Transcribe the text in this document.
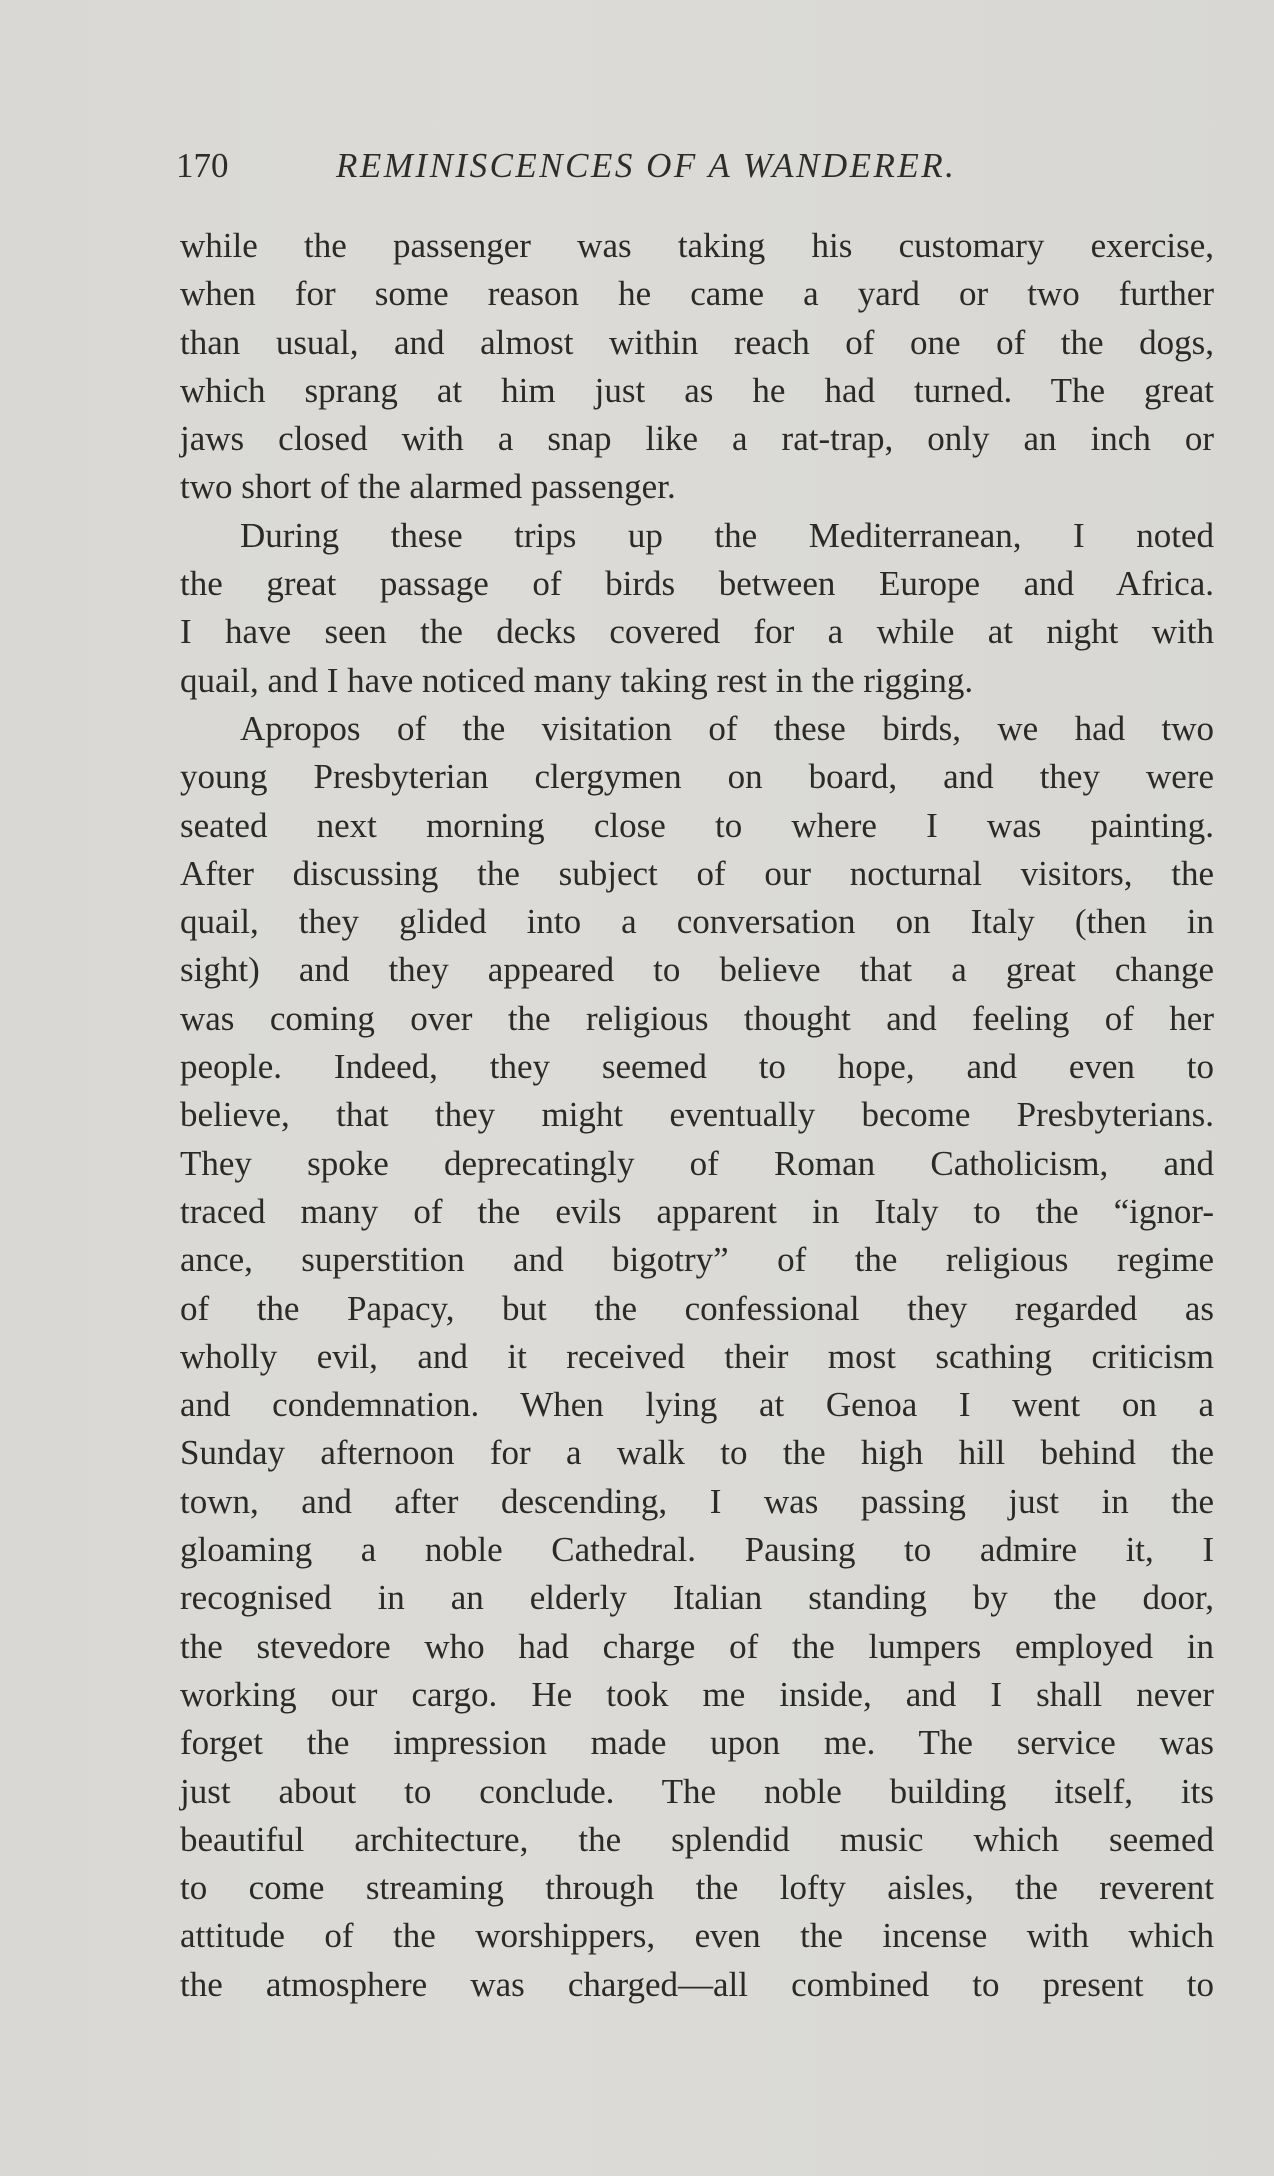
170	REMINISCENCES OF A WANDERER.
while the passenger was taking his customary exercise,
when for some reason he came a yard or two further
than usual, and almost within reach of one of the dogs,
which sprang at him just as he had turned. The great
jaws closed with a snap like a rat-trap, only an inch or
two short of the alarmed passenger.
During these trips up the Mediterranean, I noted
the great passage of birds between Europe and Africa.
I have seen the decks covered for a while at night with
quail, and I have noticed many taking rest in the rigging.
Apropos of the visitation of these birds, we had two
young Presbyterian clergymen on board, and they were
seated next morning close to where I was painting.
After discussing the subject of our nocturnal visitors, the
quail, they glided into a conversation on Italy (then in
sight) and they appeared to believe that a great change
was coming over the religious thought and feeling of her
people. Indeed, they seemed to hope, and even to
believe, that they might eventually become Presbyterians.
They spoke deprecatingly of Roman Catholicism, and
traced many of the evils apparent in Italy to the “ignor-
ance, superstition and bigotry” of the religious regime
of the Papacy, but the confessional they regarded as
wholly evil, and it received their most scathing criticism
and condemnation. When lying at Genoa I went on a
Sunday afternoon for a walk to the high hill behind the
town, and after descending, I was passing just in the
gloaming a noble Cathedral. Pausing to admire it, I
recognised in an elderly Italian standing by the door,
the stevedore who had charge of the lumpers employed in
working our cargo. He took me inside, and I shall never
forget the impression made upon me. The service was
just about to conclude. The noble building itself, its
beautiful architecture, the splendid music which seemed
to come streaming through the lofty aisles, the reverent
attitude of the worshippers, even the incense with which
the atmosphere was charged—all combined to present to
